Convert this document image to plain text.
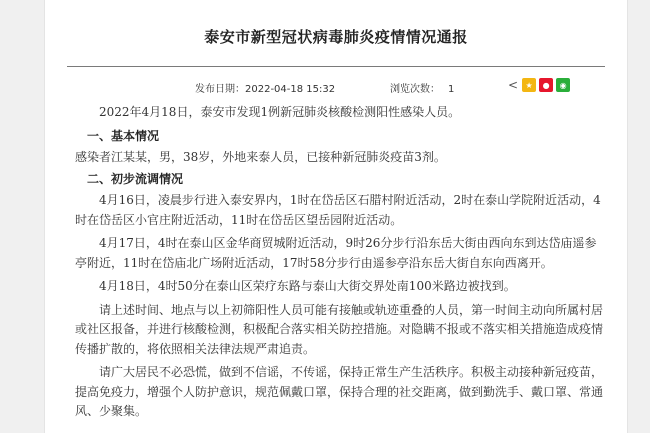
泰安市新型冠状病毒肺炎疫情情况通报
发布日期：2022-04-18 15:32	浏览次数： 1	< ★	●	◉

2022年4月18日，泰安市发现1例新冠肺炎核酸检测阳性感染人员。

一、基本情况

感染者江某某，男，38岁，外地来泰人员，已接种新冠肺炎疫苗3剂。

二、初步流调情况

4月16日，凌晨步行进入泰安界内，1时在岱岳区石腊村附近活动，2时在泰山学院附近活动，4时在岱岳区小官庄附近活动，11时在岱岳区望岳园附近活动。

4月17日，4时在泰山区金华商贸城附近活动，9时26分步行沿东岳大街由西向东到达岱庙遥参亭附近，11时在岱庙北广场附近活动，17时58分步行由遥参亭沿东岳大街自东向西离开。

4月18日，4时50分在泰山区荣疗东路与泰山大街交界处南100米路边被找到。

请上述时间、地点与以上初筛阳性人员可能有接触或轨迹重叠的人员，第一时间主动向所属村居或社区报备，并进行核酸检测，积极配合落实相关防控措施。对隐瞒不报或不落实相关措施造成疫情传播扩散的，将依照相关法律法规严肃追责。

请广大居民不必恐慌，做到不信谣，不传谣，保持正常生产生活秩序。积极主动接种新冠疫苗，提高免疫力，增强个人防护意识，规范佩戴口罩，保持合理的社交距离，做到勤洗手、戴口罩、常通风、少聚集。
